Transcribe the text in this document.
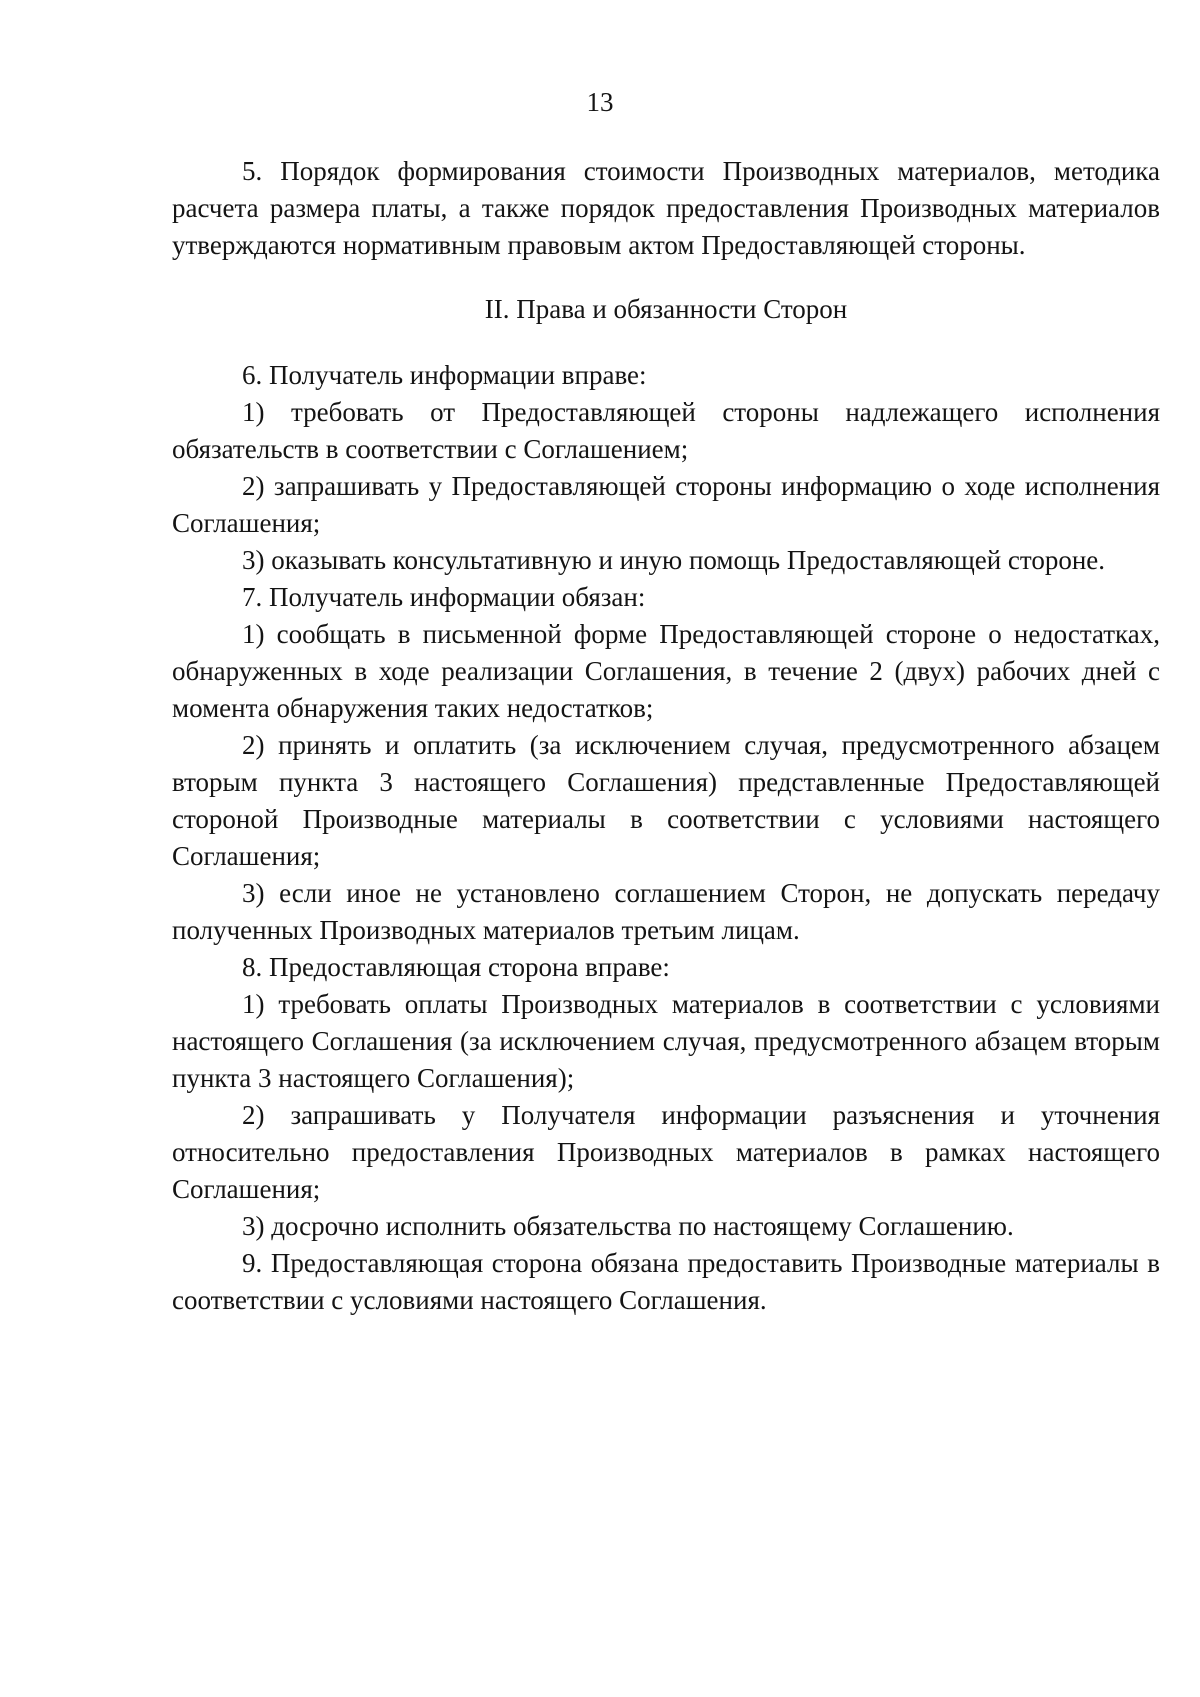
13

5. Порядок формирования стоимости Производных материалов, методика расчета размера платы, а также порядок предоставления Производных материалов утверждаются нормативным правовым актом Предоставляющей стороны.

II. Права и обязанности Сторон

6. Получатель информации вправе:

1) требовать от Предоставляющей стороны надлежащего исполнения обязательств в соответствии с Соглашением;

2) запрашивать у Предоставляющей стороны информацию о ходе исполнения Соглашения;

3) оказывать консультативную и иную помощь Предоставляющей стороне.

7. Получатель информации обязан:

1) сообщать в письменной форме Предоставляющей стороне о недостатках, обнаруженных в ходе реализации Соглашения, в течение 2 (двух) рабочих дней с момента обнаружения таких недостатков;

2) принять и оплатить (за исключением случая, предусмотренного абзацем вторым пункта 3 настоящего Соглашения) представленные Предоставляющей стороной Производные материалы в соответствии с условиями настоящего Соглашения;

3) если иное не установлено соглашением Сторон, не допускать передачу полученных Производных материалов третьим лицам.

8. Предоставляющая сторона вправе:

1) требовать оплаты Производных материалов в соответствии с условиями настоящего Соглашения (за исключением случая, предусмотренного абзацем вторым пункта 3 настоящего Соглашения);

2) запрашивать у Получателя информации разъяснения и уточнения относительно предоставления Производных материалов в рамках настоящего Соглашения;

3) досрочно исполнить обязательства по настоящему Соглашению.

9. Предоставляющая сторона обязана предоставить Производные материалы в соответствии с условиями настоящего Соглашения.
